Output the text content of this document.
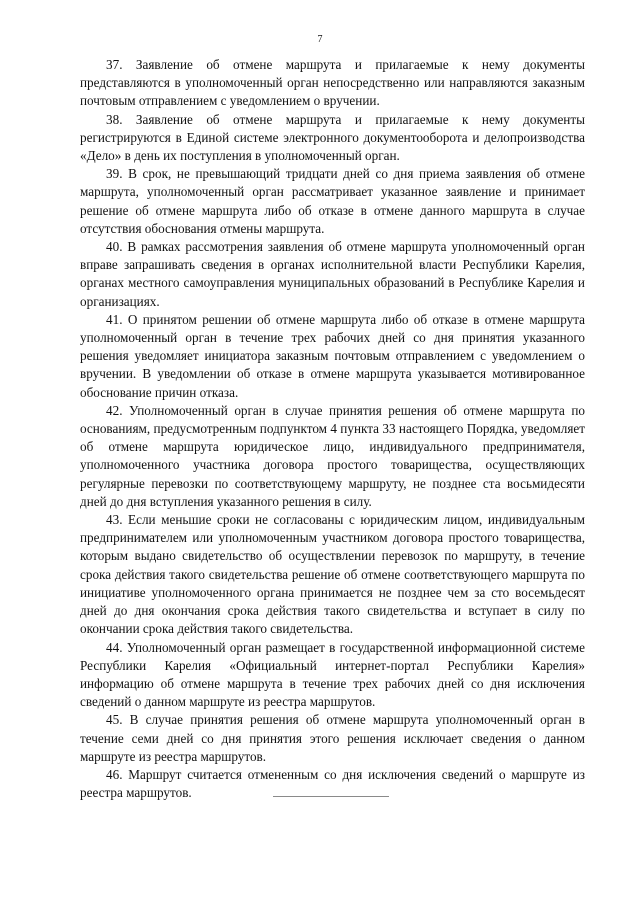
7

37. Заявление об отмене маршрута и прилагаемые к нему документы представляются в уполномоченный орган непосредственно или направляются заказным почтовым отправлением с уведомлением о вручении.

38. Заявление об отмене маршрута и прилагаемые к нему документы регистрируются в Единой системе электронного документооборота и делопроизводства «Дело» в день их поступления в уполномоченный орган.

39. В срок, не превышающий тридцати дней со дня приема заявления об отмене маршрута, уполномоченный орган рассматривает указанное заявление и принимает решение об отмене маршрута либо об отказе в отмене данного маршрута в случае отсутствия обоснования отмены маршрута.

40. В рамках рассмотрения заявления об отмене маршрута уполномоченный орган вправе запрашивать сведения в органах исполнительной власти Республики Карелия, органах местного самоуправления муниципальных образований в Республике Карелия и организациях.

41. О принятом решении об отмене маршрута либо об отказе в отмене маршрута уполномоченный орган в течение трех рабочих дней со дня принятия указанного решения уведомляет инициатора заказным почтовым отправлением с уведомлением о вручении. В уведомлении об отказе в отмене маршрута указывается мотивированное обоснование причин отказа.

42. Уполномоченный орган в случае принятия решения об отмене маршрута по основаниям, предусмотренным подпунктом 4 пункта 33 настоящего Порядка, уведомляет об отмене маршрута юридическое лицо, индивидуального предпринимателя, уполномоченного участника договора простого товарищества, осуществляющих регулярные перевозки по соответствующему маршруту, не позднее ста восьмидесяти дней до дня вступления указанного решения в силу.

43. Если меньшие сроки не согласованы с юридическим лицом, индивидуальным предпринимателем или уполномоченным участником договора простого товарищества, которым выдано свидетельство об осуществлении перевозок по маршруту, в течение срока действия такого свидетельства решение об отмене соответствующего маршрута по инициативе уполномоченного органа принимается не позднее чем за сто восемьдесят дней до дня окончания срока действия такого свидетельства и вступает в силу по окончании срока действия такого свидетельства.

44. Уполномоченный орган размещает в государственной информационной системе Республики Карелия «Официальный интернет-портал Республики Карелия» информацию об отмене маршрута в течение трех рабочих дней со дня исключения сведений о данном маршруте из реестра маршрутов.

45. В случае принятия решения об отмене маршрута уполномоченный орган в течение семи дней со дня принятия этого решения исключает сведения о данном маршруте из реестра маршрутов.

46. Маршрут считается отмененным со дня исключения сведений о маршруте из реестра маршрутов.
